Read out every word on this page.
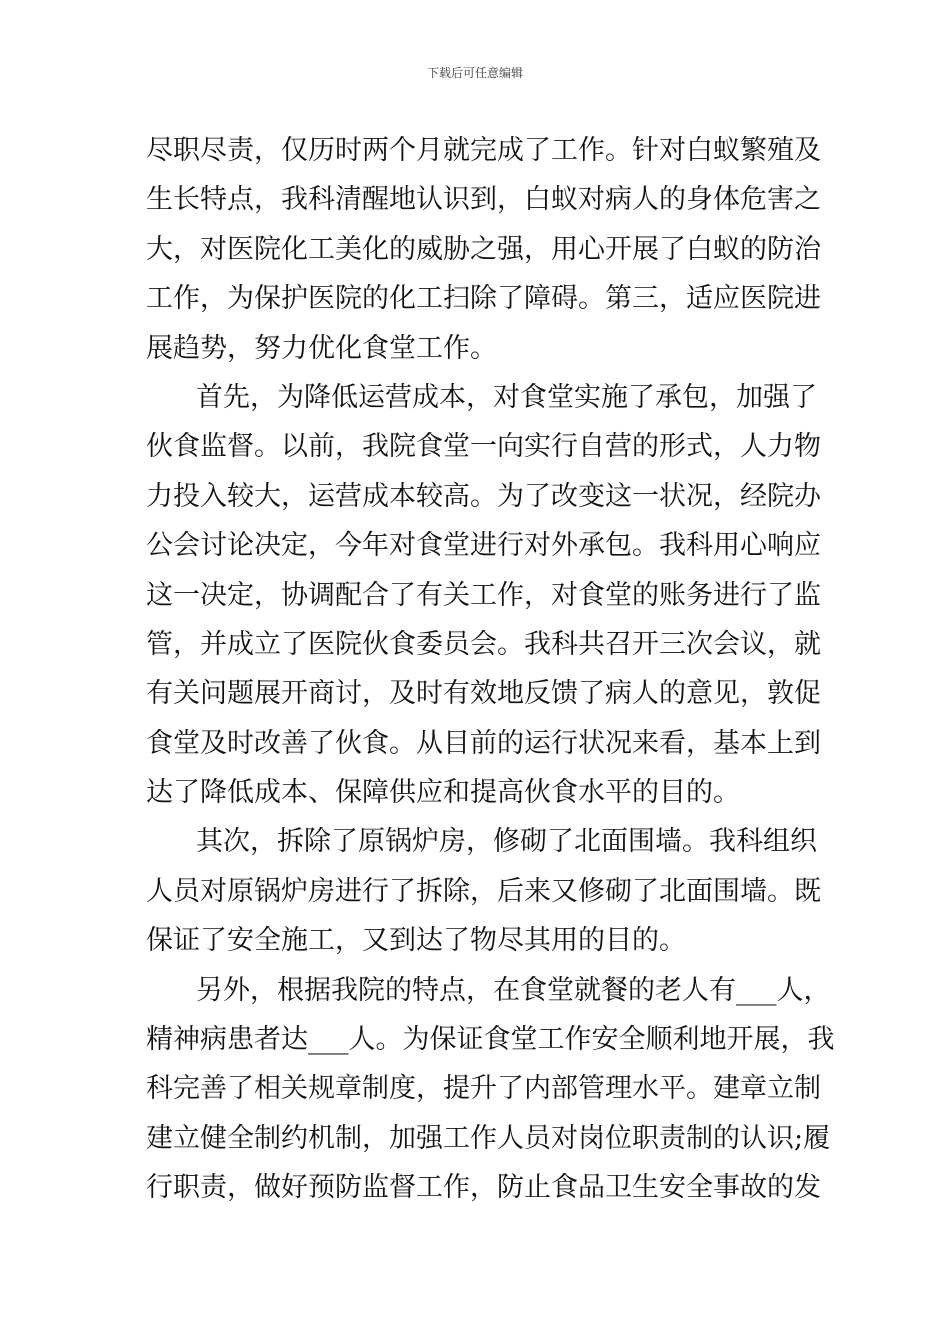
下载后可任意编辑
尽职尽责，仅历时两个月就完成了工作。针对白蚁繁殖及
生长特点，我科清醒地认识到，白蚁对病人的身体危害之
大，对医院化工美化的威胁之强，用心开展了白蚁的防治
工作，为保护医院的化工扫除了障碍。第三，适应医院进
展趋势，努力优化食堂工作。
首先，为降低运营成本，对食堂实施了承包，加强了
伙食监督。以前，我院食堂一向实行自营的形式，人力物
力投入较大，运营成本较高。为了改变这一状况，经院办
公会讨论决定，今年对食堂进行对外承包。我科用心响应
这一决定，协调配合了有关工作，对食堂的账务进行了监
管，并成立了医院伙食委员会。我科共召开三次会议，就
有关问题展开商讨，及时有效地反馈了病人的意见，敦促
食堂及时改善了伙食。从目前的运行状况来看，基本上到
达了降低成本、保障供应和提高伙食水平的目的。
其次，拆除了原锅炉房，修砌了北面围墙。我科组织
人员对原锅炉房进行了拆除，后来又修砌了北面围墙。既
保证了安全施工，又到达了物尽其用的目的。
另外，根据我院的特点，在食堂就餐的老人有___人，
精神病患者达___人。为保证食堂工作安全顺利地开展，我
科完善了相关规章制度，提升了内部管理水平。建章立制
建立健全制约机制，加强工作人员对岗位职责制的认识;履
行职责，做好预防监督工作，防止食品卫生安全事故的发
